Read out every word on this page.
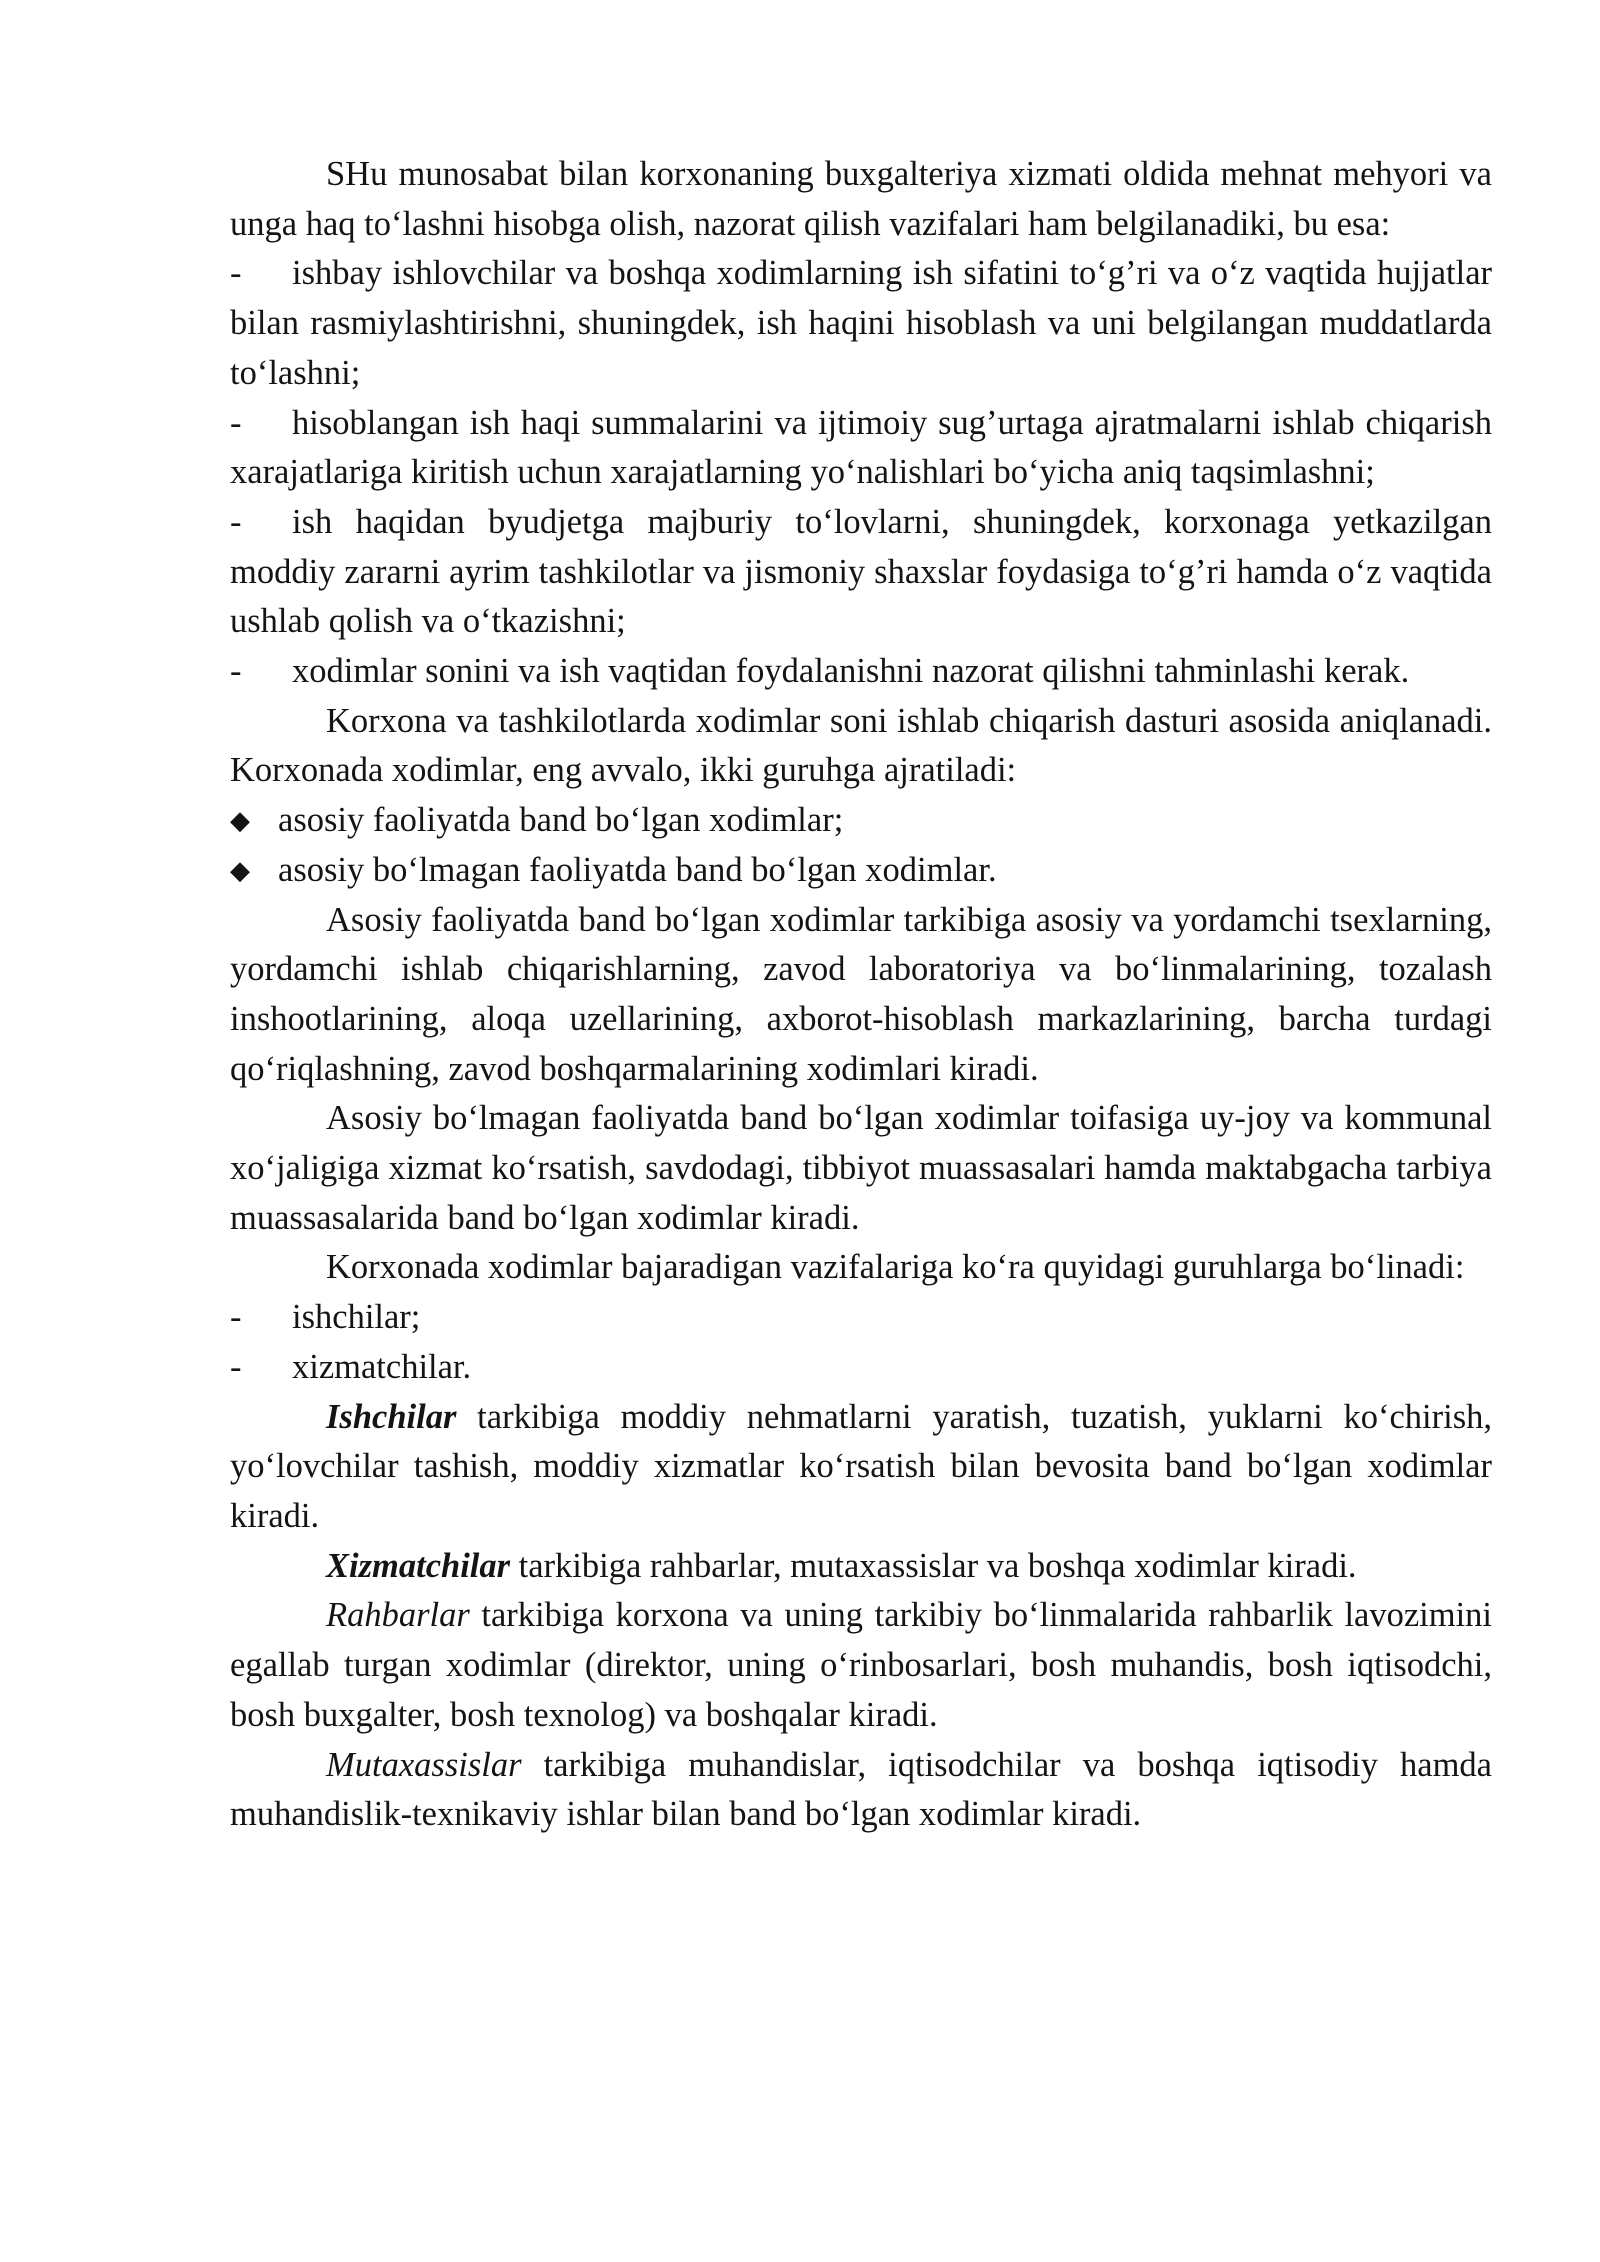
SHu munosabat bilan korxonaning buxgalteriya xizmati oldida mehnat mehyori va unga haq to‘lashni hisobga olish, nazorat qilish vazifalari ham belgilanadiki, bu esa:

- ishbay ishlovchilar va boshqa xodimlarning ish sifatini to‘g’ri va o‘z vaqtida hujjatlar bilan rasmiylashtirishni, shuningdek, ish haqini hisoblash va uni belgilangan muddatlarda to‘lashni;

- hisoblangan ish haqi summalarini va ijtimoiy sug’urtaga ajratmalarni ishlab chiqarish xarajatlariga kiritish uchun xarajatlarning yo‘nalishlari bo‘yicha aniq taqsimlashni;

- ish haqidan byudjetga majburiy to‘lovlarni, shuningdek, korxonaga yetkazilgan moddiy zararni ayrim tashkilotlar va jismoniy shaxslar foydasiga to‘g’ri hamda o‘z vaqtida ushlab qolish va o‘tkazishni;

- xodimlar sonini va ish vaqtidan foydalanishni nazorat qilishni tahminlashi kerak.

Korxona va tashkilotlarda xodimlar soni ishlab chiqarish dasturi asosida aniqlanadi. Korxonada xodimlar, eng avvalo, ikki guruhga ajratiladi:

◆ asosiy faoliyatda band bo‘lgan xodimlar;

◆ asosiy bo‘lmagan faoliyatda band bo‘lgan xodimlar.

Asosiy faoliyatda band bo‘lgan xodimlar tarkibiga asosiy va yordamchi tsexlarning, yordamchi ishlab chiqarishlarning, zavod laboratoriya va bo‘linmalarining, tozalash inshootlarining, aloqa uzellarining, axborot-hisoblash markazlarining, barcha turdagi qo‘riqlashning, zavod boshqarmalarining xodimlari kiradi.

Asosiy bo‘lmagan faoliyatda band bo‘lgan xodimlar toifasiga uy-joy va kommunal xo‘jaligiga xizmat ko‘rsatish, savdodagi, tibbiyot muassasalari hamda maktabgacha tarbiya muassasalarida band bo‘lgan xodimlar kiradi.

Korxonada xodimlar bajaradigan vazifalariga ko‘ra quyidagi guruhlarga bo‘linadi:

- ishchilar;

- xizmatchilar.

Ishchilar tarkibiga moddiy nehmatlarni yaratish, tuzatish, yuklarni ko‘chirish, yo‘lovchilar tashish, moddiy xizmatlar ko‘rsatish bilan bevosita band bo‘lgan xodimlar kiradi.

Xizmatchilar tarkibiga rahbarlar, mutaxassislar va boshqa xodimlar kiradi.

Rahbarlar tarkibiga korxona va uning tarkibiy bo‘linmalarida rahbarlik lavozimini egallab turgan xodimlar (direktor, uning o‘rinbosarlari, bosh muhandis, bosh iqtisodchi, bosh buxgalter, bosh texnolog) va boshqalar kiradi.

Mutaxassislar tarkibiga muhandislar, iqtisodchilar va boshqa iqtisodiy hamda muhandislik-texnikaviy ishlar bilan band bo‘lgan xodimlar kiradi.
